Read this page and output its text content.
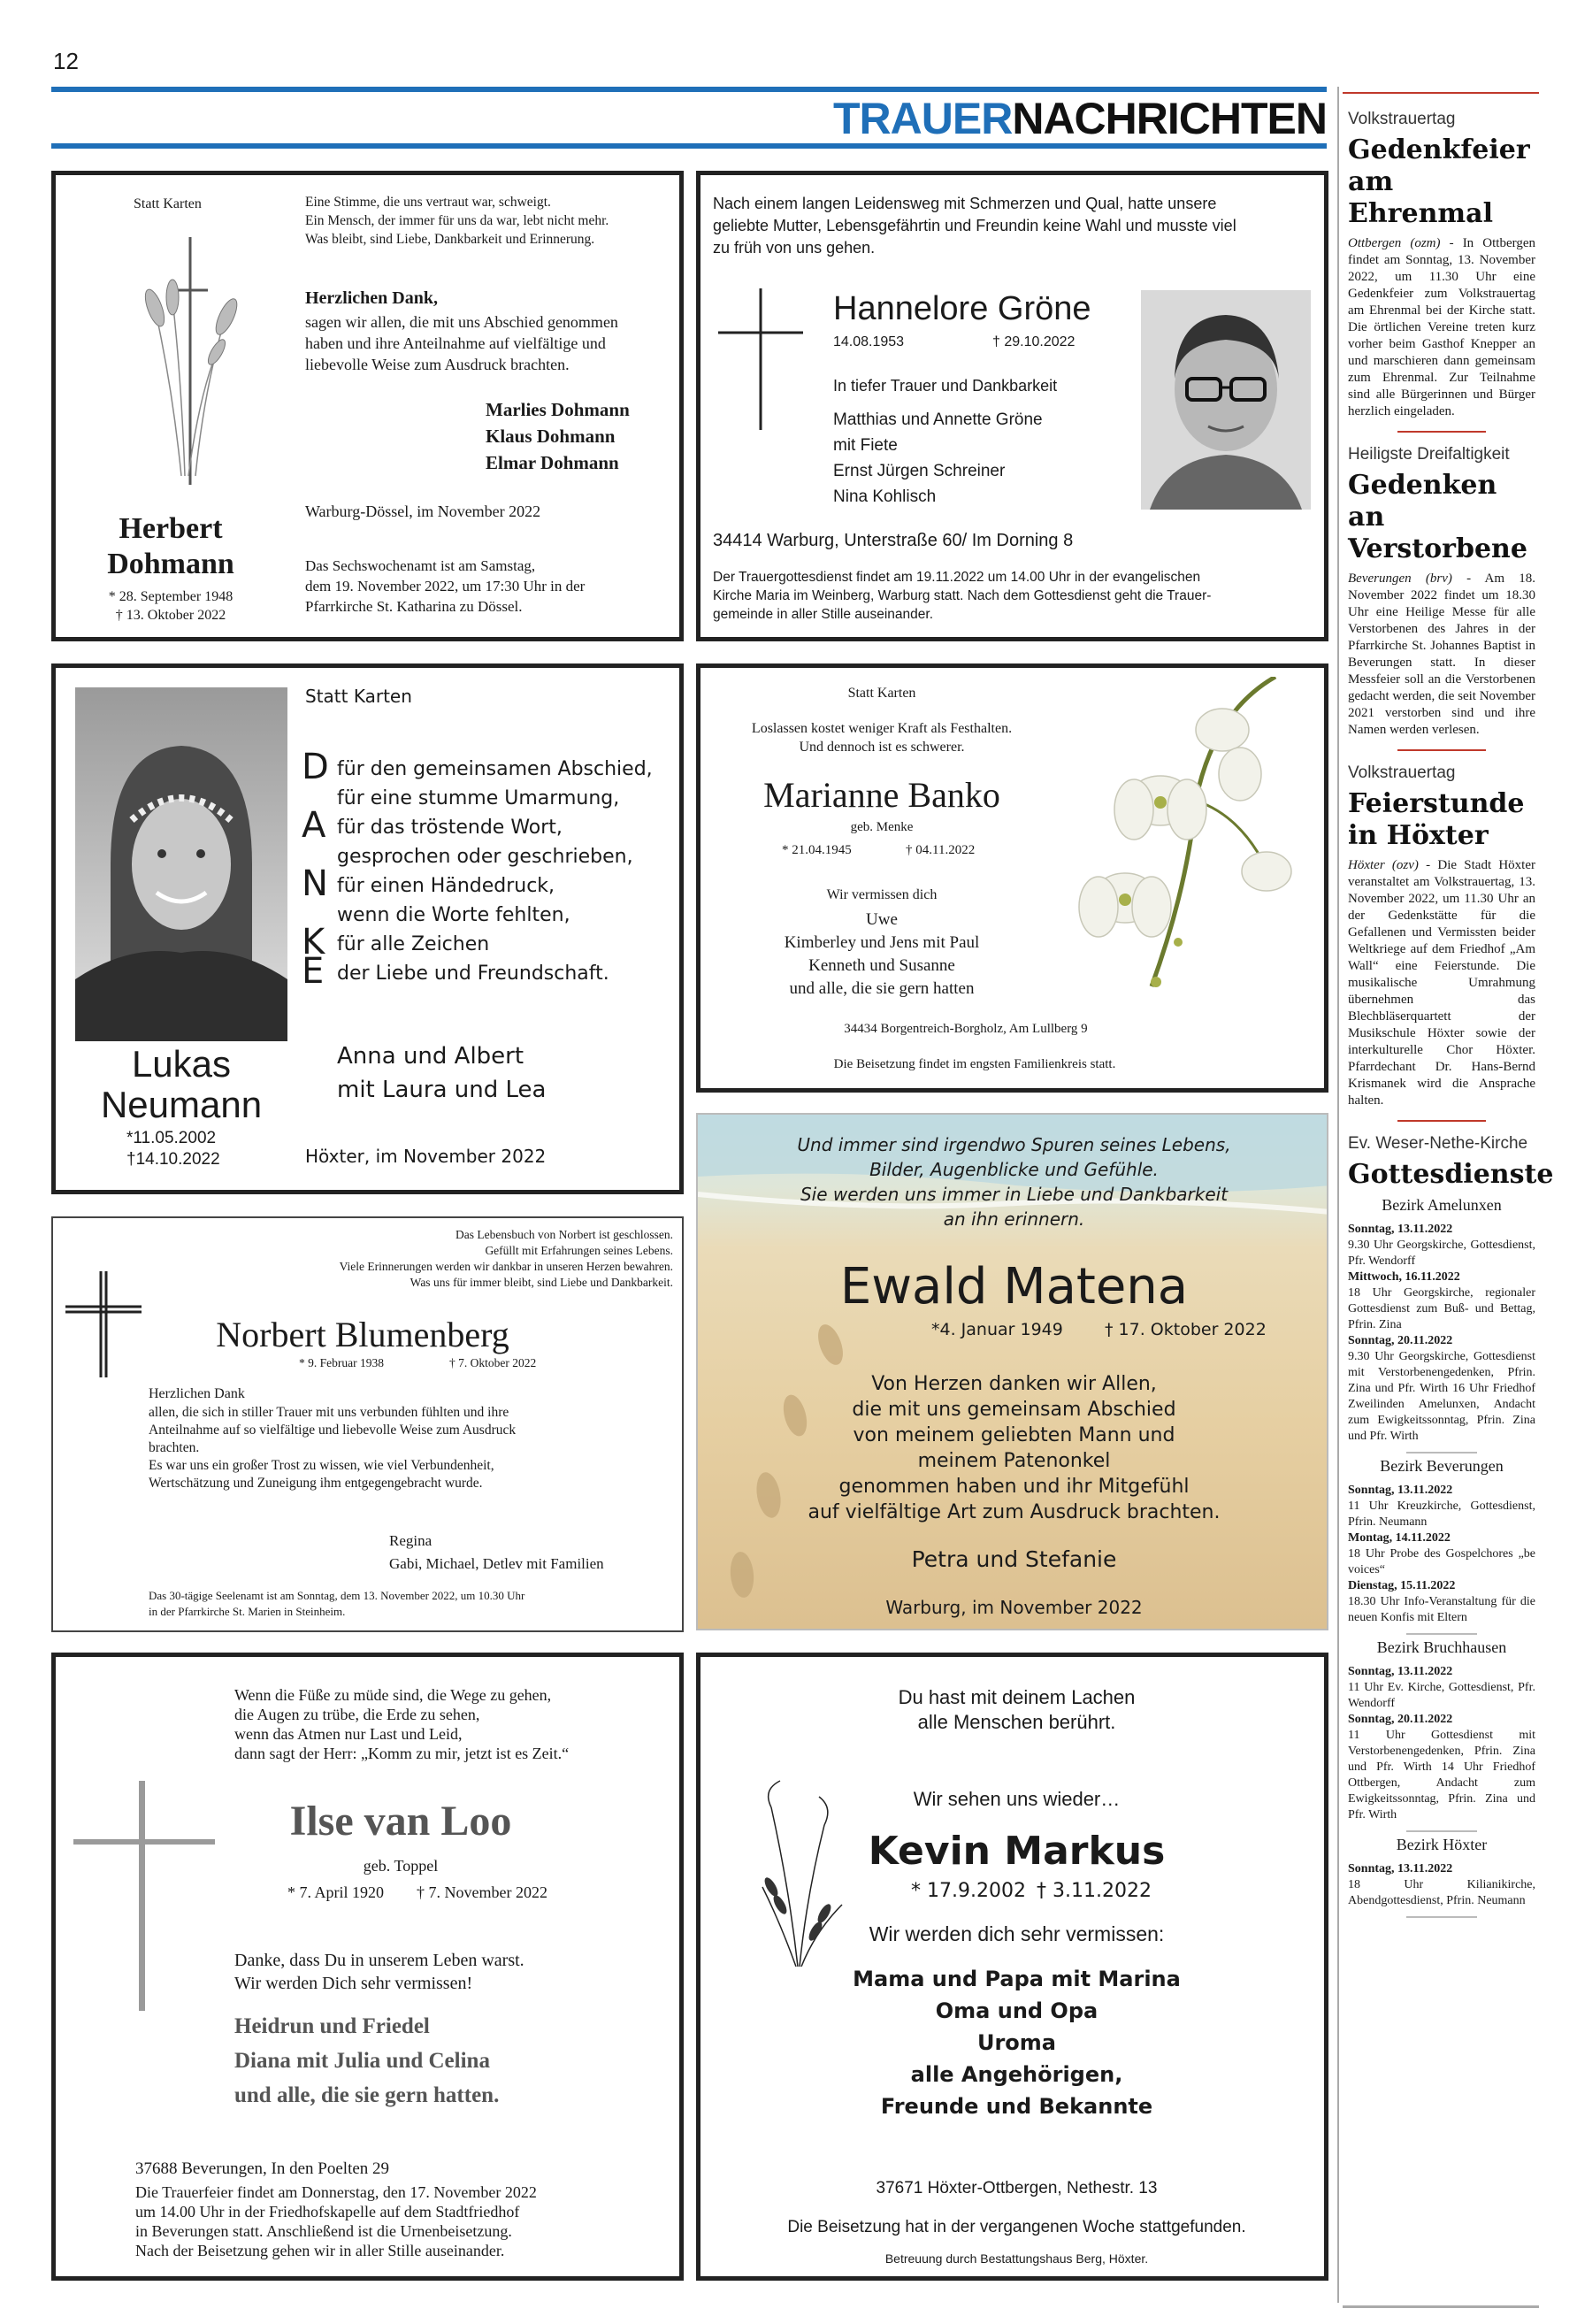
12
TRAUERNACHRICHTEN
Statt Karten
Herbert
Dohmann
* 28. September 1948
† 13. Oktober 2022
Eine Stimme, die uns vertraut war, schweigt.
Ein Mensch, der immer für uns da war, lebt nicht mehr.
Was bleibt, sind Liebe, Dankbarkeit und Erinnerung.
Herzlichen Dank,
sagen wir allen, die mit uns Abschied genommen
haben und ihre Anteilnahme auf vielfältige und
liebevolle Weise zum Ausdruck brachten.
Marlies Dohmann
Klaus Dohmann
Elmar Dohmann
Warburg-Dössel, im November 2022
Das Sechswochenamt ist am Samstag,
dem 19. November 2022, um 17:30 Uhr in der
Pfarrkirche St. Katharina zu Dössel.
Nach einem langen Leidensweg mit Schmerzen und Qual, hatte unsere
geliebte Mutter, Lebensgefährtin und Freundin keine Wahl und musste viel
zu früh von uns gehen.
Hannelore Gröne
14.08.1953	† 29.10.2022
In tiefer Trauer und Dankbarkeit
Matthias und Annette Gröne
mit Fiete
Ernst Jürgen Schreiner
Nina Kohlisch
34414 Warburg, Unterstraße 60/ Im Dorning 8
Der Trauergottesdienst findet am 19.11.2022 um 14.00 Uhr in der evangelischen
Kirche Maria im Weinberg, Warburg statt. Nach dem Gottesdienst geht die Trauer-
gemeinde in aller Stille auseinander.
Lukas
Neumann
*11.05.2002
†14.10.2022
Statt Karten
D für den gemeinsamen Abschied,
für eine stumme Umarmung,
A für das tröstende Wort,
gesprochen oder geschrieben,
N für einen Händedruck,
wenn die Worte fehlten,
K für alle Zeichen
E der Liebe und Freundschaft.
Anna und Albert
mit Laura und Lea
Höxter, im November 2022
Statt Karten
Loslassen kostet weniger Kraft als Festhalten.
Und dennoch ist es schwerer.
Marianne Banko
geb. Menke
* 21.04.1945	† 04.11.2022
Wir vermissen dich
Uwe
Kimberley und Jens mit Paul
Kenneth und Susanne
und alle, die sie gern hatten
34434 Borgentreich-Borgholz, Am Lullberg 9
Die Beisetzung findet im engsten Familienkreis statt.
Das Lebensbuch von Norbert ist geschlossen.
Gefüllt mit Erfahrungen seines Lebens.
Viele Erinnerungen werden wir dankbar in unseren Herzen bewahren.
Was uns für immer bleibt, sind Liebe und Dankbarkeit.
Norbert Blumenberg
* 9. Februar 1938	† 7. Oktober 2022
Herzlichen Dank
allen, die sich in stiller Trauer mit uns verbunden fühlten und ihre
Anteilnahme auf so vielfältige und liebevolle Weise zum Ausdruck
brachten.
Es war uns ein großer Trost zu wissen, wie viel Verbundenheit,
Wertschätzung und Zuneigung ihm entgegengebracht wurde.
Regina
Gabi, Michael, Detlev mit Familien
Das 30-tägige Seelenamt ist am Sonntag, dem 13. November 2022, um 10.30 Uhr
in der Pfarrkirche St. Marien in Steinheim.
Und immer sind irgendwo Spuren seines Lebens,
Bilder, Augenblicke und Gefühle.
Sie werden uns immer in Liebe und Dankbarkeit
an ihn erinnern.
Ewald Matena
*4. Januar 1949 † 17. Oktober 2022
Von Herzen danken wir Allen,
die mit uns gemeinsam Abschied
von meinem geliebten Mann und
meinem Patenonkel
genommen haben und ihr Mitgefühl
auf vielfältige Art zum Ausdruck brachten.
Petra und Stefanie
Warburg, im November 2022
Wenn die Füße zu müde sind, die Wege zu gehen,
die Augen zu trübe, die Erde zu sehen,
wenn das Atmen nur Last und Leid,
dann sagt der Herr: „Komm zu mir, jetzt ist es Zeit.“
Ilse van Loo
geb. Toppel
* 7. April 1920 † 7. November 2022
Danke, dass Du in unserem Leben warst.
Wir werden Dich sehr vermissen!
Heidrun und Friedel
Diana mit Julia und Celina
und alle, die sie gern hatten.
37688 Beverungen, In den Poelten 29
Die Trauerfeier findet am Donnerstag, den 17. November 2022
um 14.00 Uhr in der Friedhofskapelle auf dem Stadtfriedhof
in Beverungen statt. Anschließend ist die Urnenbeisetzung.
Nach der Beisetzung gehen wir in aller Stille auseinander.
Du hast mit deinem Lachen
alle Menschen berührt.
Wir sehen uns wieder…
Kevin Markus
* 17.9.2002 † 3.11.2022
Wir werden dich sehr vermissen:
Mama und Papa mit Marina
Oma und Opa
Uroma
alle Angehörigen,
Freunde und Bekannte
37671 Höxter-Ottbergen, Nethestr. 13
Die Beisetzung hat in der vergangenen Woche stattgefunden.
Betreuung durch Bestattungshaus Berg, Höxter.
Volkstrauertag
Gedenkfeier
am Ehrenmal
Ottbergen (ozm) - In Ottbergen findet am Sonntag, 13. November 2022, um 11.30 Uhr eine Gedenkfeier zum Volkstrauertag am Ehrenmal bei der Kirche statt. Die örtlichen Vereine treten kurz vorher beim Gasthof Knepper an und marschieren dann gemeinsam zum Ehrenmal. Zur Teilnahme sind alle Bürgerinnen und Bürger herzlich eingeladen.
Heiligste Dreifaltigkeit
Gedenken an
Verstorbene
Beverungen (brv) - Am 18. November 2022 findet um 18.30 Uhr eine Heilige Messe für alle Verstorbenen des Jahres in der Pfarrkirche St. Johannes Baptist in Beverungen statt. In dieser Messfeier soll an die Verstorbenen gedacht werden, die seit November 2021 verstorben sind und ihre Namen werden verlesen.
Volkstrauertag
Feierstunde
in Höxter
Höxter (ozv) - Die Stadt Höxter veranstaltet am Volkstrauertag, 13. November 2022, um 11.30 Uhr an der Gedenkstätte für die Gefallenen und Vermissten beider Weltkriege auf dem Friedhof „Am Wall“ eine Feierstunde. Die musikalische Umrahmung übernehmen das Blechbläserquartett der Musikschule Höxter sowie der interkulturelle Chor Höxter. Pfarrdechant Dr. Hans-Bernd Krismanek wird die Ansprache halten.
Ev. Weser-Nethe-Kirche
Gottesdienste
Bezirk Amelunxen
Sonntag, 13.11.2022
9.30 Uhr Georgskirche, Gottesdienst, Pfr. Wendorff
Mittwoch, 16.11.2022
18 Uhr Georgskirche, regionaler Gottesdienst zum Buß- und Bettag, Pfrin. Zina
Sonntag, 20.11.2022
9.30 Uhr Georgskirche, Gottesdienst mit Verstorbenengedenken, Pfrin. Zina und Pfr. Wirth 16 Uhr Friedhof Zweilinden Amelunxen, Andacht zum Ewigkeitssonntag, Pfrin. Zina und Pfr. Wirth
Bezirk Beverungen
Sonntag, 13.11.2022
11 Uhr Kreuzkirche, Gottesdienst, Pfrin. Neumann
Montag, 14.11.2022
18 Uhr Probe des Gospelchores „be voices“
Dienstag, 15.11.2022
18.30 Uhr Info-Veranstaltung für die neuen Konfis mit Eltern
Bezirk Bruchhausen
Sonntag, 13.11.2022
11 Uhr Ev. Kirche, Gottesdienst, Pfr. Wendorff
Sonntag, 20.11.2022
11 Uhr Gottesdienst mit Verstorbenengedenken, Pfrin. Zina und Pfr. Wirth 14 Uhr Friedhof Ottbergen, Andacht zum Ewigkeitssonntag, Pfrin. Zina und Pfr. Wirth
Bezirk Höxter
Sonntag, 13.11.2022
18 Uhr Kilianikirche, Abendgottesdienst, Pfrin. Neumann
